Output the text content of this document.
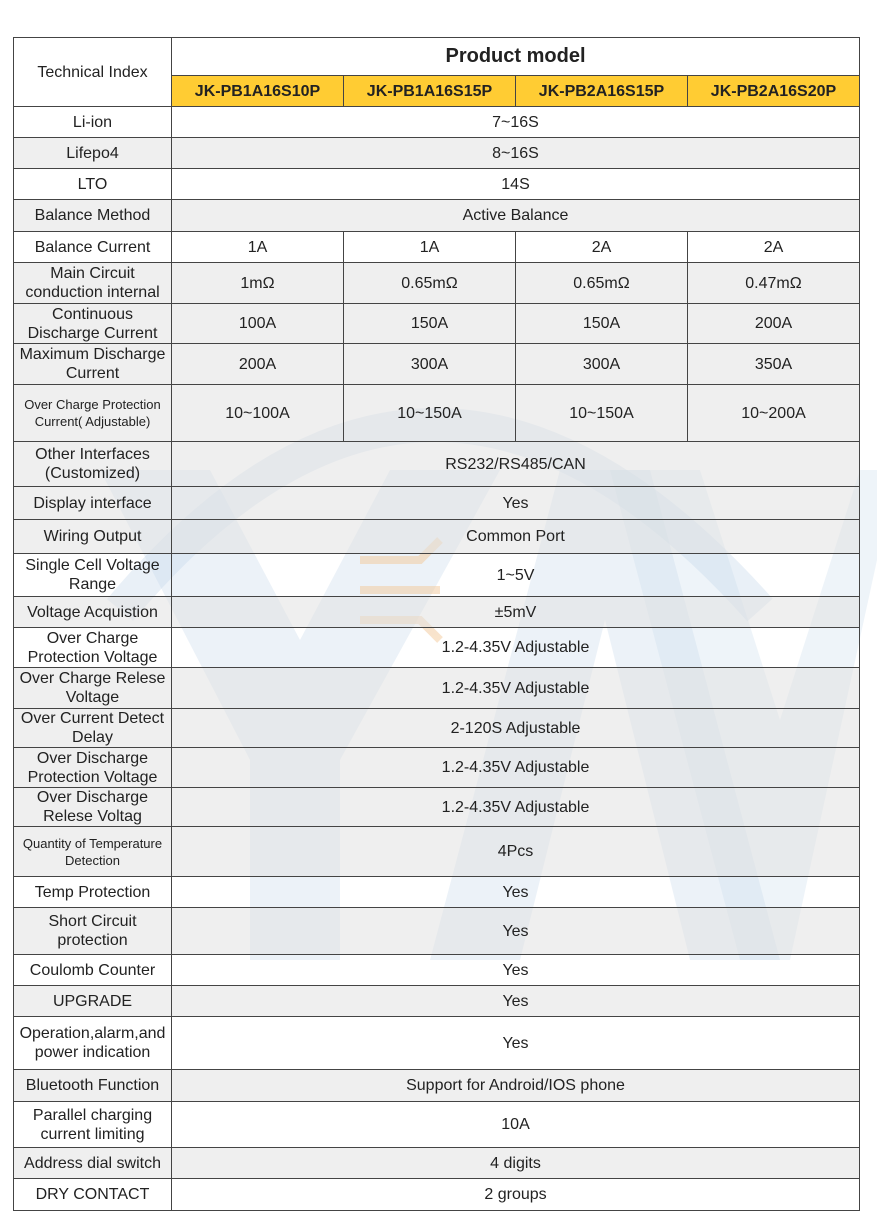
Technical Index	Product model			
	JK-PB1A16S10P	JK-PB1A16S15P	JK-PB2A16S15P	JK-PB2A16S20P
Li-ion	7~16S			
Lifepo4	8~16S			
LTO	14S			
Balance Method	Active Balance			
Balance Current	1A	1A	2A	2A
Main Circuit conduction internal	1mΩ	0.65mΩ	0.65mΩ	0.47mΩ
Continuous Discharge Current	100A	150A	150A	200A
Maximum Discharge Current	200A	300A	300A	350A
Over Charge Protection Current( Adjustable)	10~100A	10~150A	10~150A	10~200A
Other Interfaces (Customized)	RS232/RS485/CAN			
Display interface	Yes			
Wiring Output	Common Port			
Single Cell Voltage Range	1~5V			
Voltage Acquistion	±5mV			
Over Charge Protection Voltage	1.2-4.35V Adjustable			
Over Charge Relese Voltage	1.2-4.35V Adjustable			
Over Current Detect Delay	2-120S Adjustable			
Over Discharge Protection Voltage	1.2-4.35V Adjustable			
Over Discharge Relese Voltag	1.2-4.35V Adjustable			
Quantity of Temperature Detection	4Pcs			
Temp Protection	Yes			
Short Circuit protection	Yes			
Coulomb Counter	Yes			
UPGRADE	Yes			
Operation,alarm,and power indication	Yes			
Bluetooth Function	Support for Android/IOS phone			
Parallel charging current limiting	10A			
Address dial switch	4 digits			
DRY CONTACT	2 groups			
